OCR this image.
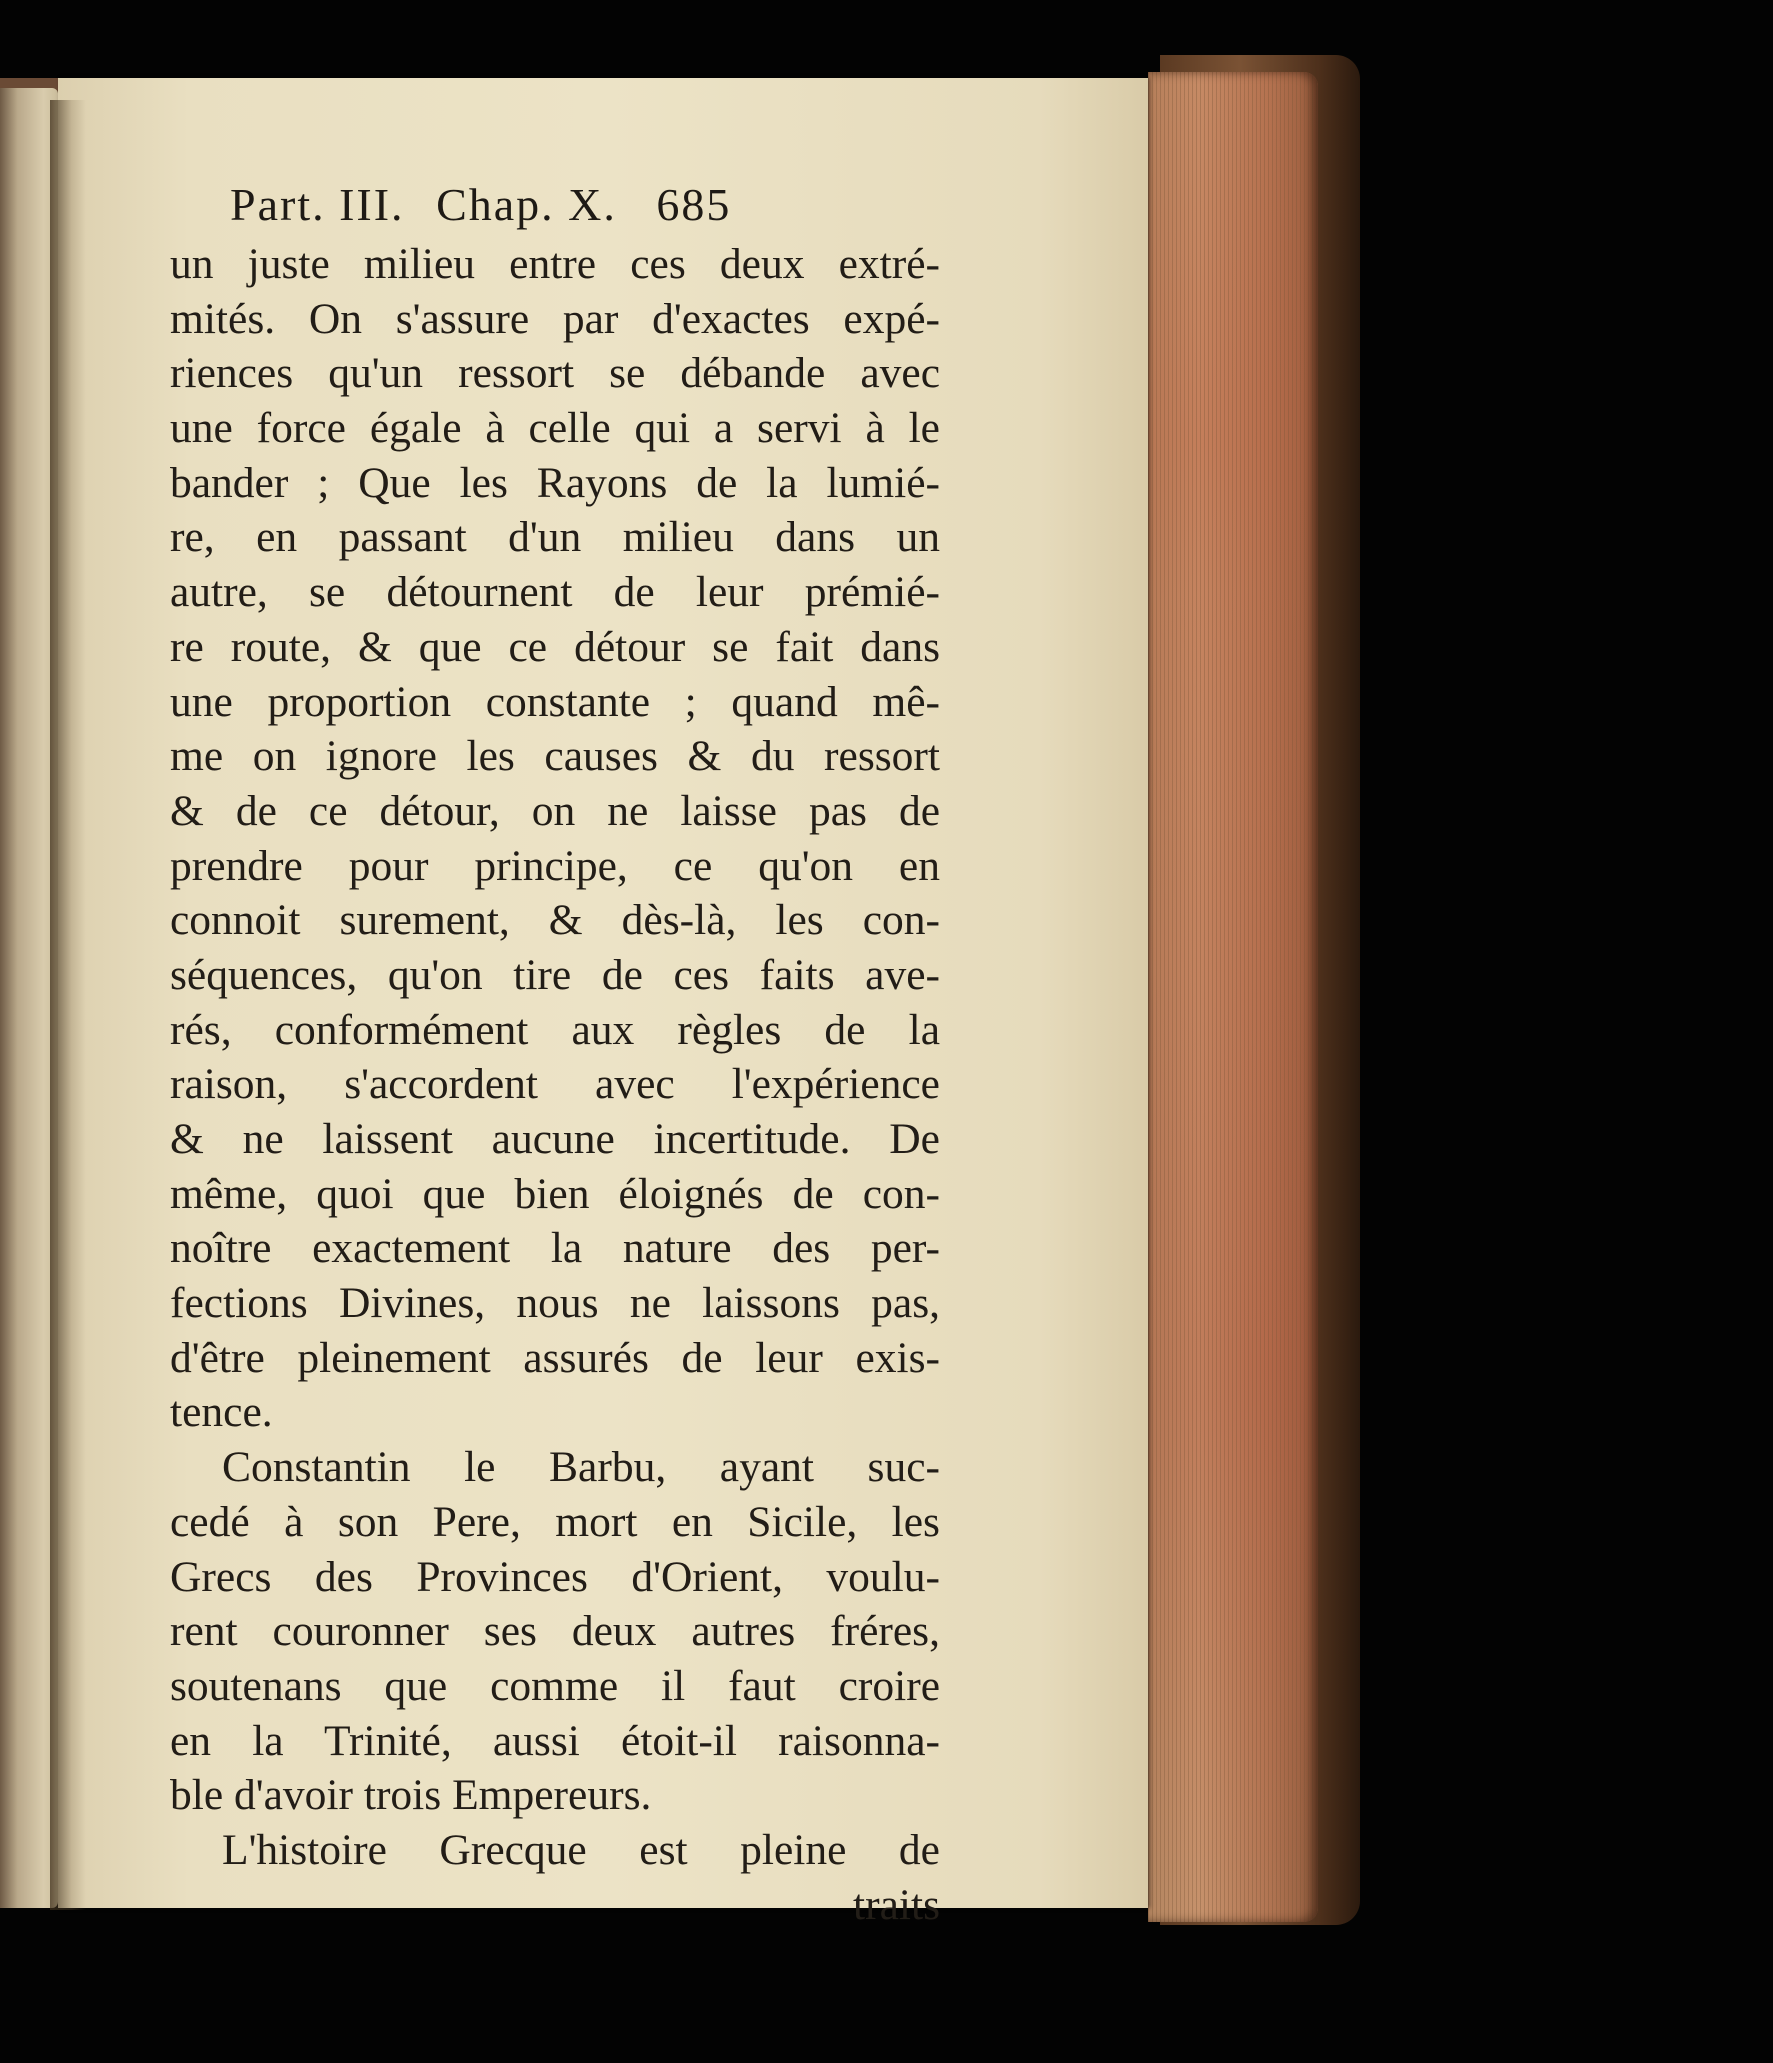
Part. III. Chap. X. 685
un juste milieu entre ces deux extré-
mités. On s'assure par d'exactes expé-
riences qu'un ressort se débande avec
une force égale à celle qui a servi à le
bander ; Que les Rayons de la lumié-
re, en passant d'un milieu dans un
autre, se détournent de leur prémié-
re route, & que ce détour se fait dans
une proportion constante ; quand mê-
me on ignore les causes & du ressort
& de ce détour, on ne laisse pas de
prendre pour principe, ce qu'on en
connoit surement, & dès-là, les con-
séquences, qu'on tire de ces faits ave-
rés, conformément aux règles de la
raison, s'accordent avec l'expérience
& ne laissent aucune incertitude. De
même, quoi que bien éloignés de con-
noître exactement la nature des per-
fections Divines, nous ne laissons pas,
d'être pleinement assurés de leur exis-
tence.
Constantin le Barbu, ayant suc-
cedé à son Pere, mort en Sicile, les
Grecs des Provinces d'Orient, voulu-
rent couronner ses deux autres fréres,
soutenans que comme il faut croire
en la Trinité, aussi étoit-il raisonna-
ble d'avoir trois Empereurs.
L'histoire Grecque est pleine de
traits
